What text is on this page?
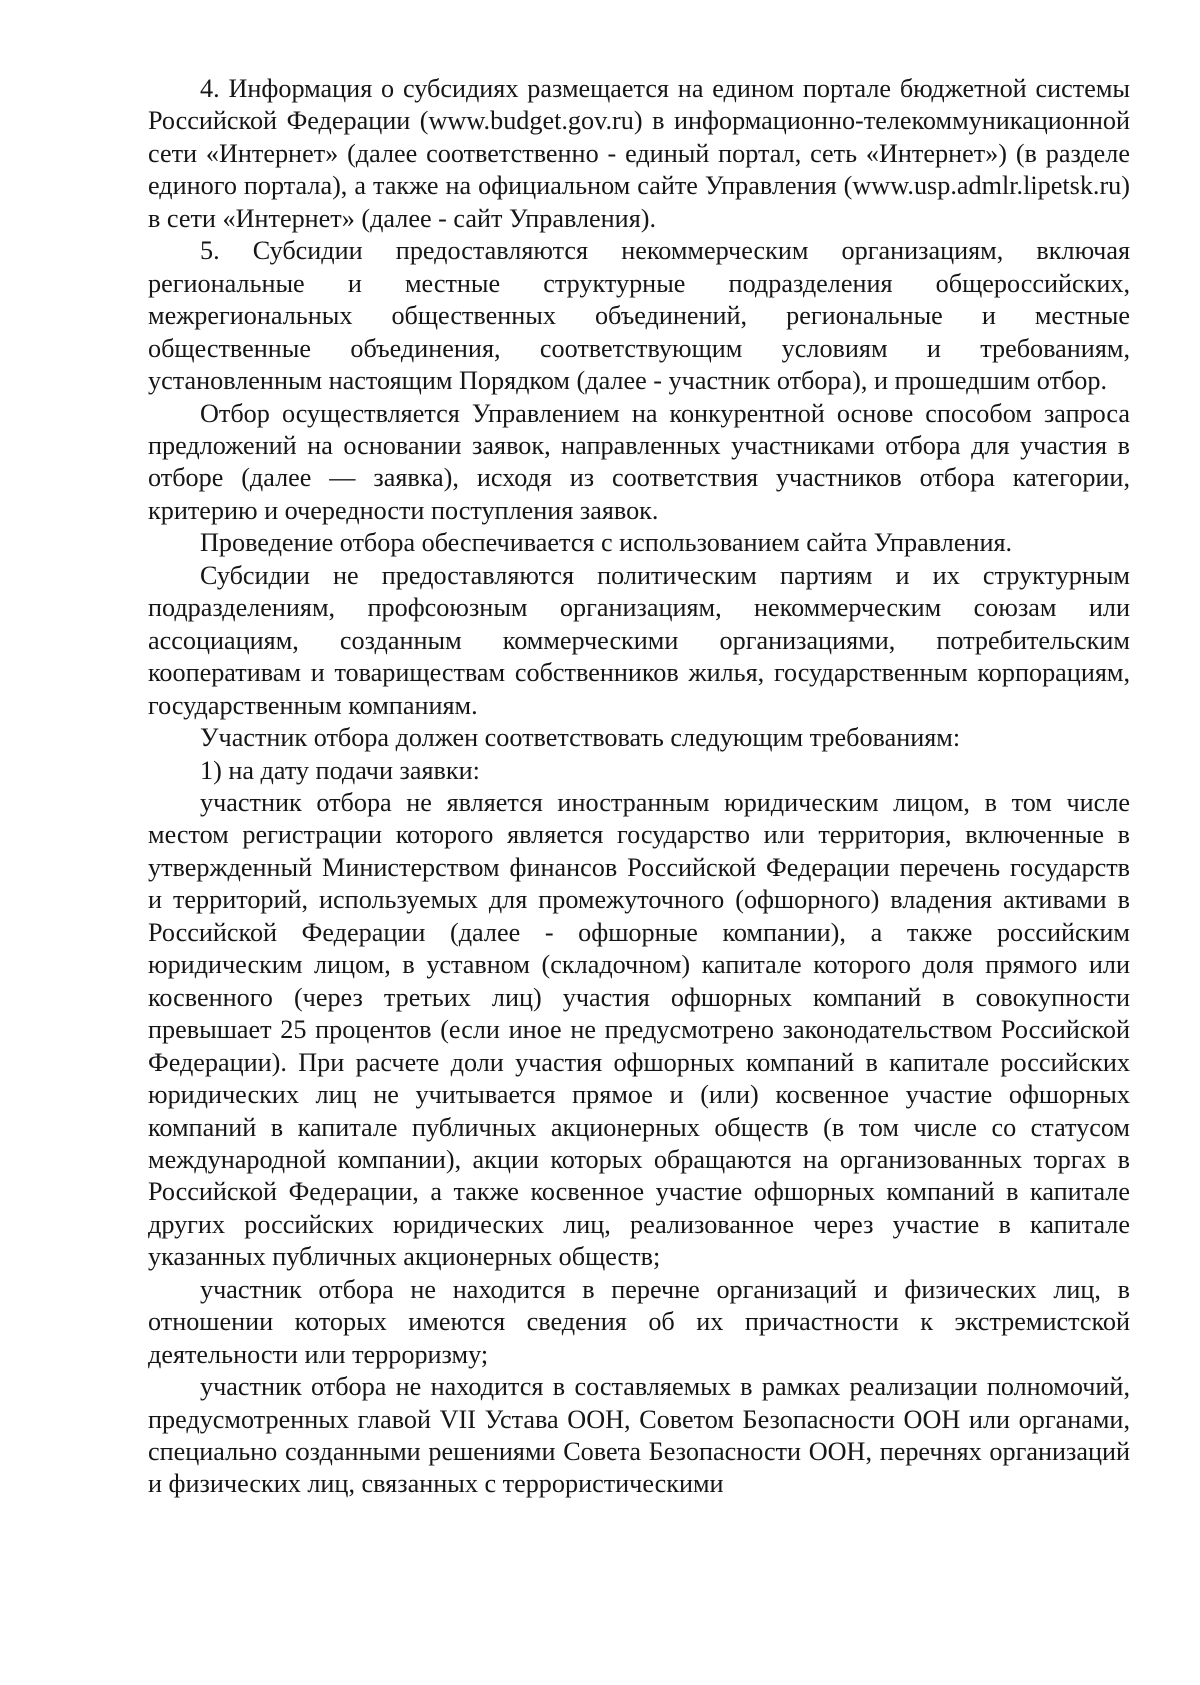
4. Информация о субсидиях размещается на едином портале бюджетной системы Российской Федерации (www.budget.gov.ru) в информационно-телекоммуникационной сети «Интернет» (далее соответственно - единый портал, сеть «Интернет») (в разделе единого портала), а также на официальном сайте Управления (www.usp.admlr.lipetsk.ru) в сети «Интернет» (далее - сайт Управления).

5. Субсидии предоставляются некоммерческим организациям, включая региональные и местные структурные подразделения общероссийских, межрегиональных общественных объединений, региональные и местные общественные объединения, соответствующим условиям и требованиям, установленным настоящим Порядком (далее - участник отбора), и прошедшим отбор.

Отбор осуществляется Управлением на конкурентной основе способом запроса предложений на основании заявок, направленных участниками отбора для участия в отборе (далее — заявка), исходя из соответствия участников отбора категории, критерию и очередности поступления заявок.

Проведение отбора обеспечивается с использованием сайта Управления.

Субсидии не предоставляются политическим партиям и их структурным подразделениям, профсоюзным организациям, некоммерческим союзам или ассоциациям, созданным коммерческими организациями, потребительским кооперативам и товариществам собственников жилья, государственным корпорациям, государственным компаниям.

Участник отбора должен соответствовать следующим требованиям:

1) на дату подачи заявки:

участник отбора не является иностранным юридическим лицом, в том числе местом регистрации которого является государство или территория, включенные в утвержденный Министерством финансов Российской Федерации перечень государств и территорий, используемых для промежуточного (офшорного) владения активами в Российской Федерации (далее - офшорные компании), а также российским юридическим лицом, в уставном (складочном) капитале которого доля прямого или косвенного (через третьих лиц) участия офшорных компаний в совокупности превышает 25 процентов (если иное не предусмотрено законодательством Российской Федерации). При расчете доли участия офшорных компаний в капитале российских юридических лиц не учитывается прямое и (или) косвенное участие офшорных компаний в капитале публичных акционерных обществ (в том числе со статусом международной компании), акции которых обращаются на организованных торгах в Российской Федерации, а также косвенное участие офшорных компаний в капитале других российских юридических лиц, реализованное через участие в капитале указанных публичных акционерных обществ;

участник отбора не находится в перечне организаций и физических лиц, в отношении которых имеются сведения об их причастности к экстремистской деятельности или терроризму;

участник отбора не находится в составляемых в рамках реализации полномочий, предусмотренных главой VII Устава ООН, Советом Безопасности ООН или органами, специально созданными решениями Совета Безопасности ООН, перечнях организаций и физических лиц, связанных с террористическими
